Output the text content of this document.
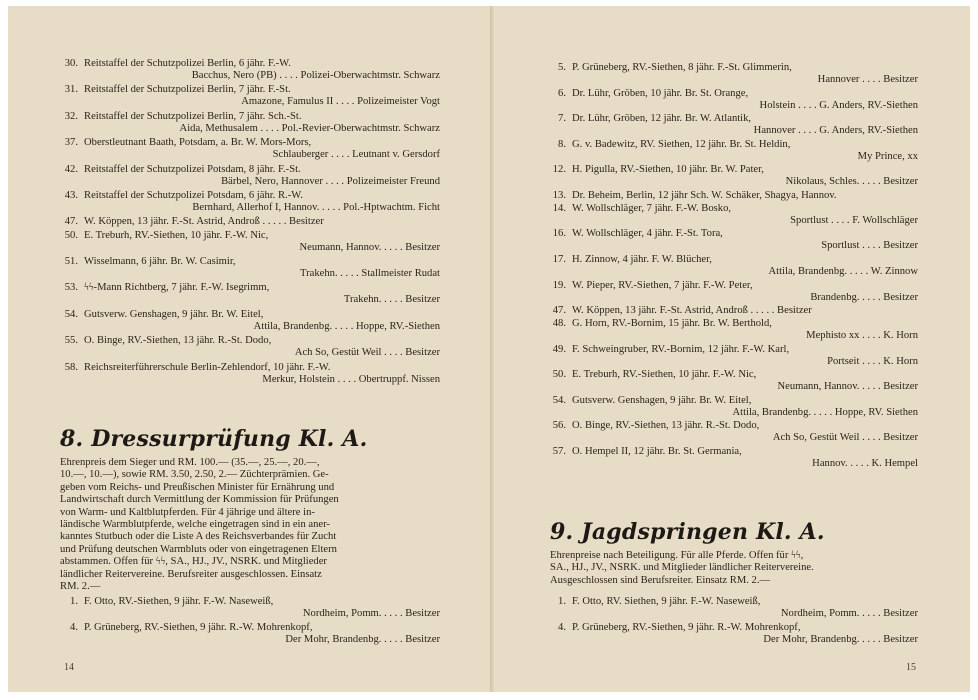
30. Reitstaffel der Schutzpolizei Berlin, 6 jähr. F.-W.
Bacchus, Nero (PB) . . . . Polizei-Oberwachtmstr. Schwarz
31. Reitstaffel der Schutzpolizei Berlin, 7 jähr. F.-St.
Amazone, Famulus II . . . . Polizeimeister Vogt
32. Reitstaffel der Schutzpolizei Berlin, 7 jähr. Sch.-St.
Aida, Methusalem . . . . Pol.-Revier-Oberwachtmstr. Schwarz
37. Oberstleutnant Baath, Potsdam, a. Br. W. Mors-Mors,
Schlauberger . . . . Leutnant v. Gersdorf
42. Reitstaffel der Schutzpolizei Potsdam, 8 jähr. F.-St.
Bärbel, Nero, Hannover . . . . Polizeimeister Freund
43. Reitstaffel der Schutzpolizei Potsdam, 6 jähr. R.-W.
Bernhard, Allerhof I, Hannov. . . . . Pol.-Hptwachtm. Ficht
47. W. Köppen, 13 jähr. F.-St. Astrid, Androß . . . . . Besitzer
50. E. Treburh, RV.-Siethen, 10 jähr. F.-W. Nic,
Neumann, Hannov. . . . . Besitzer
51. Wisselmann, 6 jähr. Br. W. Casimir,
Trakehn. . . . . Stallmeister Rudat
53. ϟϟ-Mann Richtberg, 7 jähr. F.-W. Isegrimm,
Trakehn. . . . . Besitzer
54. Gutsverw. Genshagen, 9 jähr. Br. W. Eitel,
Attila, Brandenbg. . . . . Hoppe, RV.-Siethen
55. O. Binge, RV.-Siethen, 13 jähr. R.-St. Dodo,
Ach So, Gestüt Weil . . . . Besitzer
58. Reichsreiterführerschule Berlin-Zehlendorf, 10 jähr. F.-W.
Merkur, Holstein . . . . Obertruppf. Nissen
8. Dressurprüfung Kl. A.
Ehrenpreis dem Sieger und RM. 100.— (35.—, 25.—, 20.—,
10.—, 10.—), sowie RM. 3.50, 2.50, 2.— Züchterprämien. Ge-
geben vom Reichs- und Preußischen Minister für Ernährung und
Landwirtschaft durch Vermittlung der Kommission für Prüfungen
von Warm- und Kaltblutpferden. Für 4 jährige und ältere in-
ländische Warmblutpferde, welche eingetragen sind in ein aner-
kanntes Stutbuch oder die Liste A des Reichsverbandes für Zucht
und Prüfung deutschen Warmbluts oder von eingetragenen Eltern
abstammen. Offen für ϟϟ, SA., HJ., JV., NSRK. und Mitglieder
ländlicher Reitervereine. Berufsreiter ausgeschlossen. Einsatz
RM. 2.—
1. F. Otto, RV.-Siethen, 9 jähr. F.-W. Naseweiß,
Nordheim, Pomm. . . . . Besitzer
4. P. Grüneberg, RV.-Siethen, 9 jähr. R.-W. Mohrenkopf,
Der Mohr, Brandenbg. . . . . Besitzer
14
5. P. Grüneberg, RV.-Siethen, 8 jähr. F.-St. Glimmerin,
Hannover . . . . Besitzer
6. Dr. Lühr, Gröben, 10 jähr. Br. St. Orange,
Holstein . . . . G. Anders, RV.-Siethen
7. Dr. Lühr, Gröben, 12 jähr. Br. W. Atlantik,
Hannover . . . . G. Anders, RV.-Siethen
8. G. v. Badewitz, RV. Siethen, 12 jähr. Br. St. Heldin,
My Prince, xx
12. H. Pigulla, RV.-Siethen, 10 jähr. Br. W. Pater,
Nikolaus, Schles. . . . . Besitzer
13. Dr. Beheim, Berlin, 12 jähr Sch. W. Schäker, Shagya, Hannov.
14. W. Wollschläger, 7 jähr. F.-W. Bosko,
Sportlust . . . . F. Wollschläger
16. W. Wollschläger, 4 jähr. F.-St. Tora,
Sportlust . . . . Besitzer
17. H. Zinnow, 4 jähr. F. W. Blücher,
Attila, Brandenbg. . . . . W. Zinnow
19. W. Pieper, RV.-Siethen, 7 jähr. F.-W. Peter,
Brandenbg. . . . . Besitzer
47. W. Köppen, 13 jähr. F.-St. Astrid, Androß . . . . . Besitzer
48. G. Horn, RV.-Bornim, 15 jähr. Br. W. Berthold,
Mephisto xx . . . . K. Horn
49. F. Schweingruber, RV.-Bornim, 12 jähr. F.-W. Karl,
Portseit . . . . K. Horn
50. E. Treburh, RV.-Siethen, 10 jähr. F.-W. Nic,
Neumann, Hannov. . . . . Besitzer
54. Gutsverw. Genshagen, 9 jähr. Br. W. Eitel,
Attila, Brandenbg. . . . . Hoppe, RV. Siethen
56. O. Binge, RV.-Siethen, 13 jähr. R.-St. Dodo,
Ach So, Gestüt Weil . . . . Besitzer
57. O. Hempel II, 12 jähr. Br. St. Germania,
Hannov. . . . . K. Hempel
9. Jagdspringen Kl. A.
Ehrenpreise nach Beteiligung. Für alle Pferde. Offen für ϟϟ,
SA., HJ., JV., NSRK. und Mitglieder ländlicher Reitervereine.
Ausgeschlossen sind Berufsreiter. Einsatz RM. 2.—
1. F. Otto, RV. Siethen, 9 jähr. F.-W. Naseweiß,
Nordheim, Pomm. . . . . Besitzer
4. P. Grüneberg, RV.-Siethen, 9 jähr. R.-W. Mohrenkopf,
Der Mohr, Brandenbg. . . . . Besitzer
15
